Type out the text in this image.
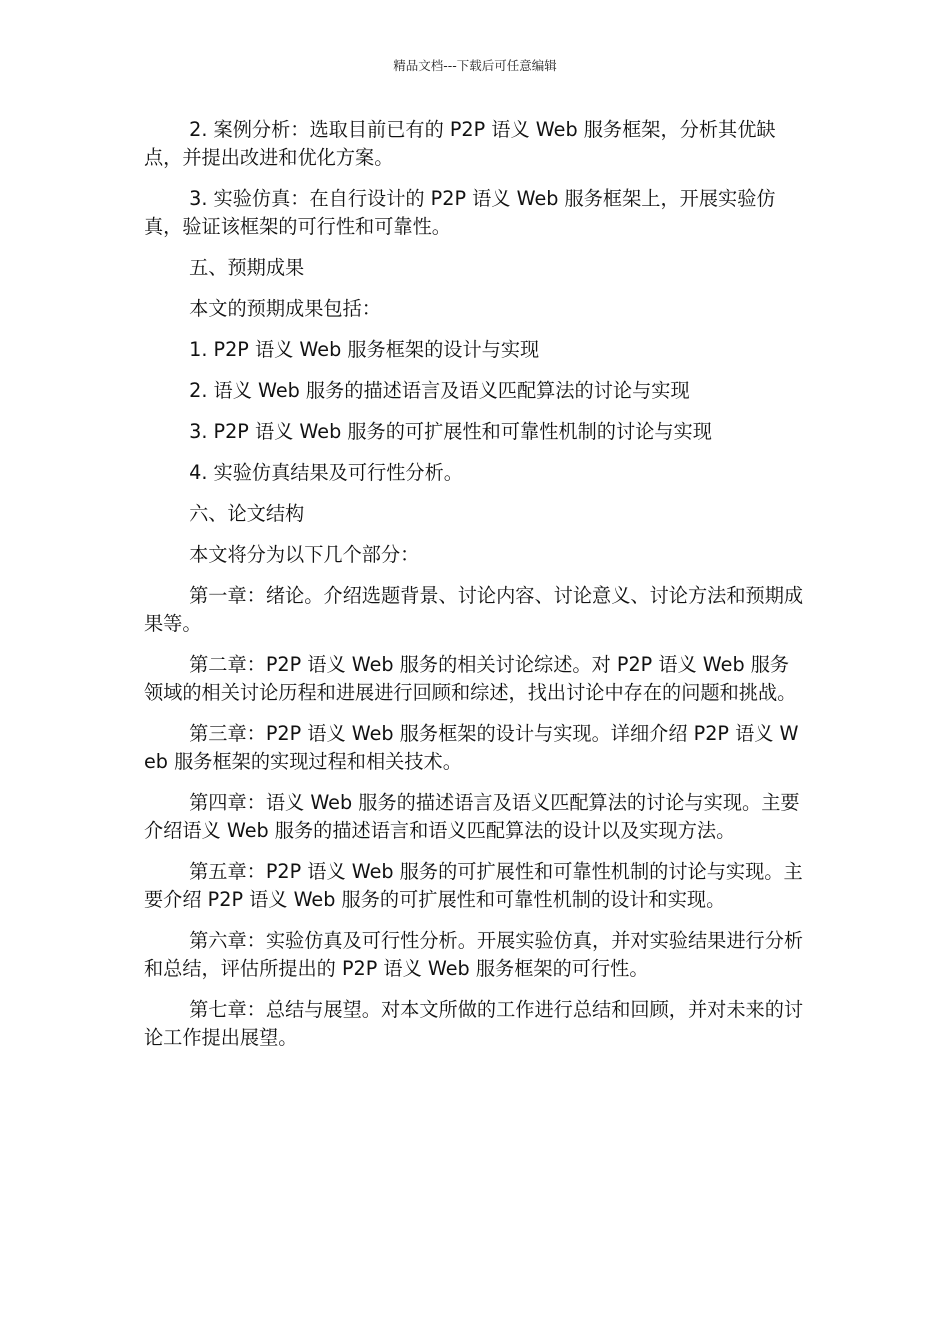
精品文档---下载后可任意编辑

2. 案例分析：选取目前已有的 P2P 语义 Web 服务框架，分析其优缺点，并提出改进和优化方案。

3. 实验仿真：在自行设计的 P2P 语义 Web 服务框架上，开展实验仿真，验证该框架的可行性和可靠性。

五、预期成果

本文的预期成果包括：

1. P2P 语义 Web 服务框架的设计与实现

2. 语义 Web 服务的描述语言及语义匹配算法的讨论与实现

3. P2P 语义 Web 服务的可扩展性和可靠性机制的讨论与实现

4. 实验仿真结果及可行性分析。

六、论文结构

本文将分为以下几个部分：

第一章：绪论。介绍选题背景、讨论内容、讨论意义、讨论方法和预期成果等。

第二章：P2P 语义 Web 服务的相关讨论综述。对 P2P 语义 Web 服务领域的相关讨论历程和进展进行回顾和综述，找出讨论中存在的问题和挑战。

第三章：P2P 语义 Web 服务框架的设计与实现。详细介绍 P2P 语义 Web 服务框架的实现过程和相关技术。

第四章：语义 Web 服务的描述语言及语义匹配算法的讨论与实现。主要介绍语义 Web 服务的描述语言和语义匹配算法的设计以及实现方法。

第五章：P2P 语义 Web 服务的可扩展性和可靠性机制的讨论与实现。主要介绍 P2P 语义 Web 服务的可扩展性和可靠性机制的设计和实现。

第六章：实验仿真及可行性分析。开展实验仿真，并对实验结果进行分析和总结，评估所提出的 P2P 语义 Web 服务框架的可行性。

第七章：总结与展望。对本文所做的工作进行总结和回顾，并对未来的讨论工作提出展望。
